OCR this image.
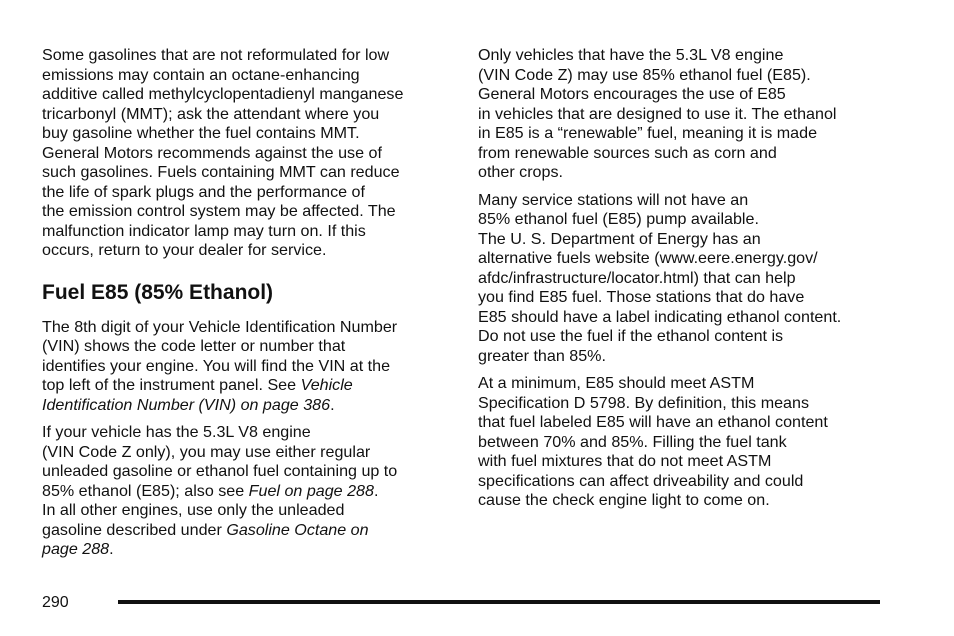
Some gasolines that are not reformulated for low
emissions may contain an octane-enhancing
additive called methylcyclopentadienyl manganese
tricarbonyl (MMT); ask the attendant where you
buy gasoline whether the fuel contains MMT.
General Motors recommends against the use of
such gasolines. Fuels containing MMT can reduce
the life of spark plugs and the performance of
the emission control system may be affected. The
malfunction indicator lamp may turn on. If this
occurs, return to your dealer for service.

Fuel E85 (85% Ethanol)

The 8th digit of your Vehicle Identification Number
(VIN) shows the code letter or number that
identifies your engine. You will find the VIN at the
top left of the instrument panel. See Vehicle
Identification Number (VIN) on page 386.

If your vehicle has the 5.3L V8 engine
(VIN Code Z only), you may use either regular
unleaded gasoline or ethanol fuel containing up to
85% ethanol (E85); also see Fuel on page 288.
In all other engines, use only the unleaded
gasoline described under Gasoline Octane on
page 288.

Only vehicles that have the 5.3L V8 engine
(VIN Code Z) may use 85% ethanol fuel (E85).
General Motors encourages the use of E85
in vehicles that are designed to use it. The ethanol
in E85 is a “renewable” fuel, meaning it is made
from renewable sources such as corn and
other crops.

Many service stations will not have an
85% ethanol fuel (E85) pump available.
The U. S. Department of Energy has an
alternative fuels website (www.eere.energy.gov/
afdc/infrastructure/locator.html) that can help
you find E85 fuel. Those stations that do have
E85 should have a label indicating ethanol content.
Do not use the fuel if the ethanol content is
greater than 85%.

At a minimum, E85 should meet ASTM
Specification D 5798. By definition, this means
that fuel labeled E85 will have an ethanol content
between 70% and 85%. Filling the fuel tank
with fuel mixtures that do not meet ASTM
specifications can affect driveability and could
cause the check engine light to come on.

290
